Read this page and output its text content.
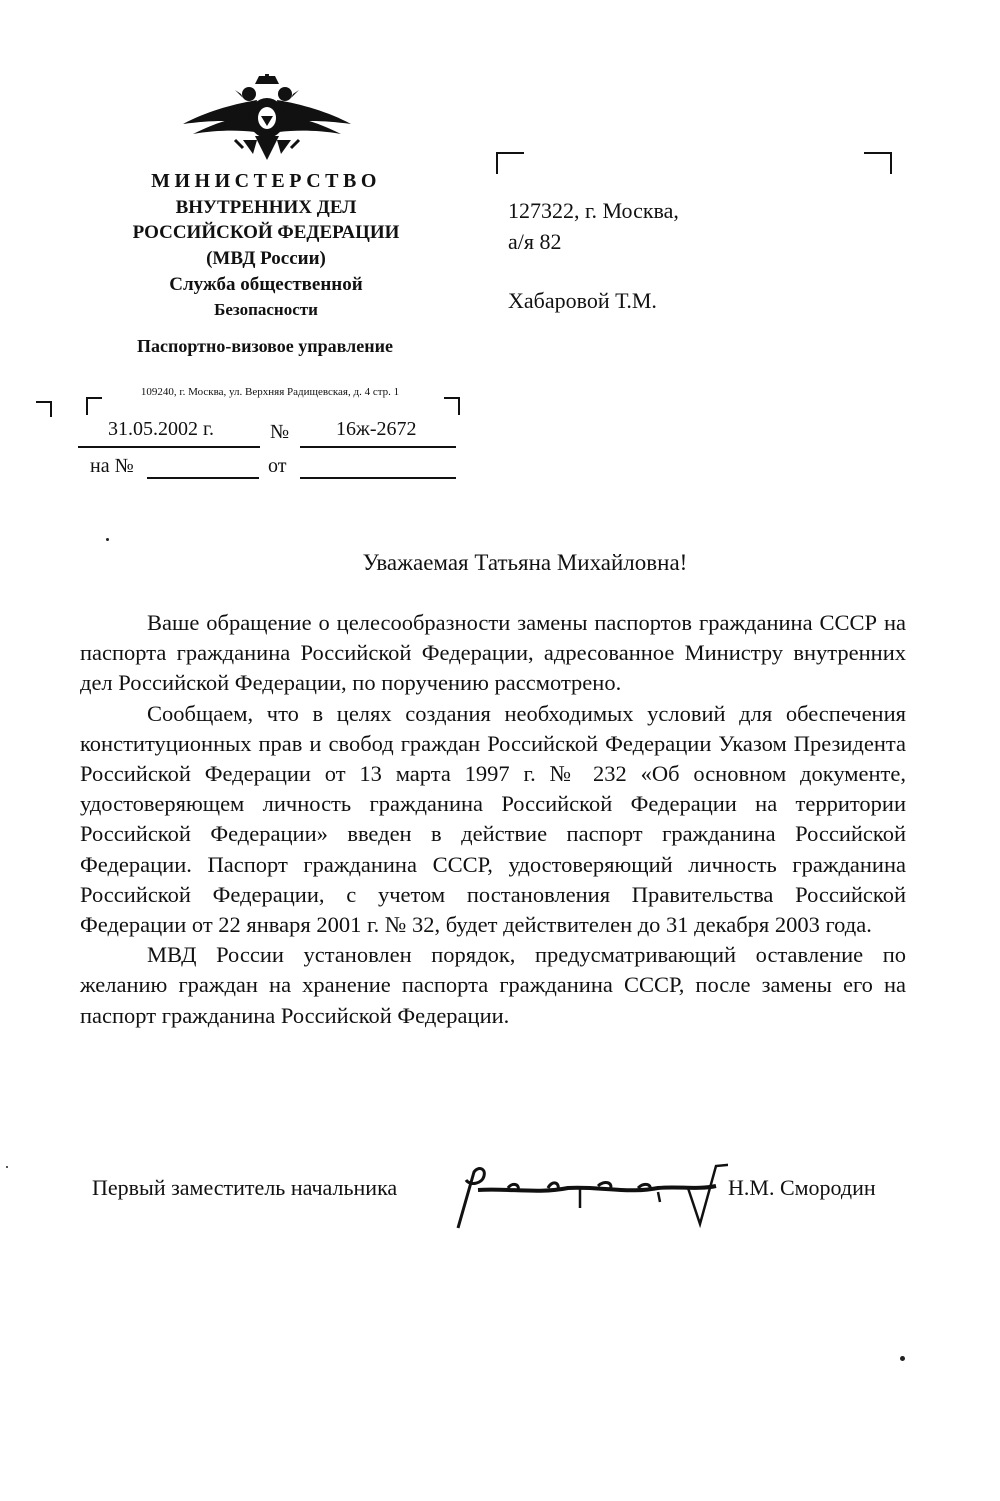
МИНИСТЕРСТВО
ВНУТРЕННИХ ДЕЛ
РОССИЙСКОЙ ФЕДЕРАЦИИ
(МВД России)
Служба общественной
Безопасности
Паспортно-визовое управление
109240, г. Москва, ул. Верхняя Радищевская, д. 4 стр. 1
31.05.2002 г.	№ 16ж-2672
на №	от
127322, г. Москва,
а/я 82
Хабаровой Т.М.
Уважаемая Татьяна Михайловна!

Ваше обращение о целесообразности замены паспортов гражданина СССР на паспорта гражданина Российской Федерации, адресованное Министру внутренних дел Российской Федерации, по поручению рассмотрено.

Сообщаем, что в целях создания необходимых условий для обеспечения конституционных прав и свобод граждан Российской Федерации Указом Президента Российской Федерации от 13 марта 1997 г. № 232 «Об основном документе, удостоверяющем личность гражданина Российской Федерации на территории Российской Федерации» введен в действие паспорт гражданина Российской Федерации. Паспорт гражданина СССР, удостоверяющий личность гражданина Российской Федерации, с учетом постановления Правительства Российской Федерации от 22 января 2001 г. № 32, будет действителен до 31 декабря 2003 года.

МВД России установлен порядок, предусматривающий оставление по желанию граждан на хранение паспорта гражданина СССР, после замены его на паспорт гражданина Российской Федерации.

Первый заместитель начальника	Н.М. Смородин
